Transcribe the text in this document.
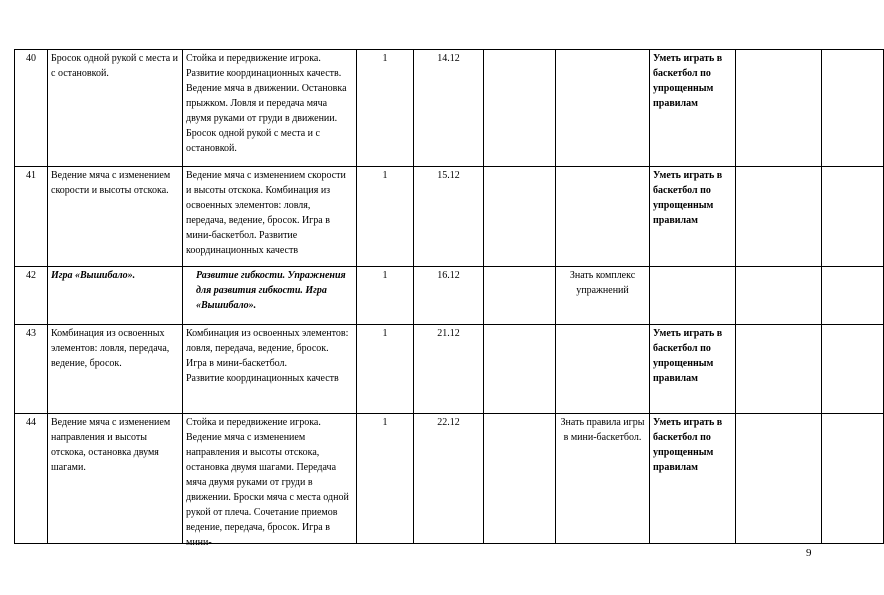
40	Бросок одной рукой с места и с остановкой.	Стойка и передвижение игрока. Развитие координационных качеств. Ведение мяча в движении. Остановка прыжком. Ловля и передача мяча двумя руками от груди в движении. Бросок одной рукой с места и с остановкой.	1	14.12			Уметь играть в баскетбол по упрощенным правилам		
41	Ведение мяча с изменением скорости и высоты отскока.	Ведение мяча с изменением скорости и высоты отскока. Комбинация из освоенных элементов: ловля, передача, ведение, бросок. Игра в мини-баскетбол. Развитие координационных качеств	1	15.12			Уметь играть в баскетбол по упрощенным правилам		
42	Игра «Вышибало».	Развитие гибкости. Упражнения для развития гибкости. Игра «Вышибало».	1	16.12		Знать комплекс упражнений			
43	Комбинация из освоенных элементов: ловля, передача, ведение, бросок.	Комбинация из освоенных элементов: ловля, передача, ведение, бросок.
Игра в мини-баскетбол.
Развитие координационных качеств	1	21.12			Уметь играть в баскетбол по упрощенным правилам		
44	Ведение мяча с изменением направления и высоты отскока, остановка двумя шагами.	Стойка и передвижение игрока. Ведение мяча с изменением направления и высоты отскока, остановка двумя шагами. Передача мяча двумя руками от груди в движении. Броски мяча с места одной рукой от плеча. Сочетание приемов ведение, передача, бросок. Игра в мини-	1	22.12		Знать правила игры в мини-баскетбол.	Уметь играть в баскетбол по упрощенным правилам		
9
